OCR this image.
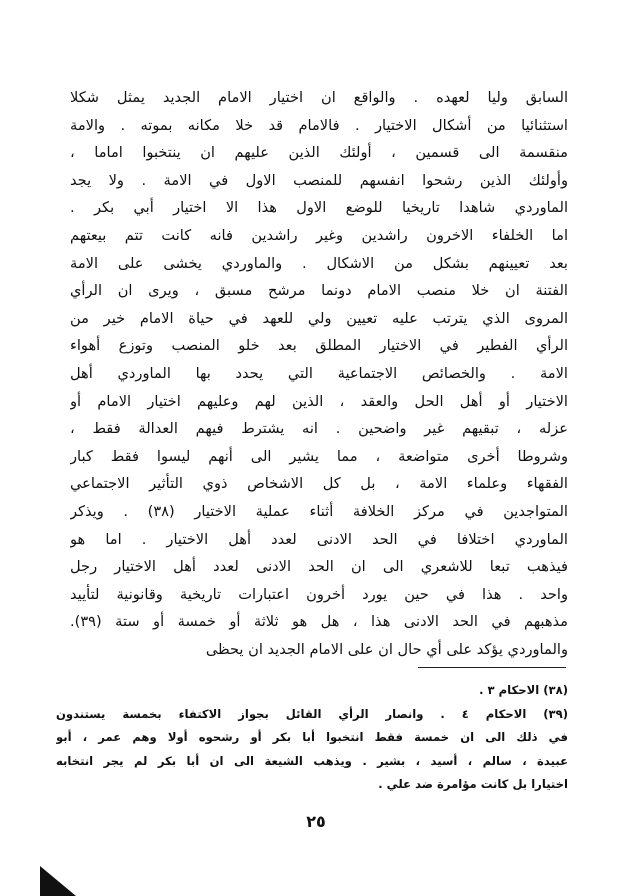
السابق وليا لعهده . والواقع ان اختيار الامام الجديد يمثل شكلا
استثنائيا من أشكال الاختيار . فالامام قد خلا مكانه بموته . والامة
منقسمة الى قسمين ، أولئك الذين عليهم ان ينتخبوا اماما ،
وأولئك الذين رشحوا انفسهم للمنصب الاول في الامة . ولا يجد
الماوردي شاهدا تاريخيا للوضع الاول هذا الا اختيار أبي بكر .
اما الخلفاء الاخرون راشدين وغير راشدين فانه كانت تتم بيعتهم
بعد تعيينهم بشكل من الاشكال . والماوردي يخشى على الامة
الفتنة ان خلا منصب الامام دونما مرشح مسبق ، ويرى ان الرأي
المروى الذي يترتب عليه تعيين ولي للعهد في حياة الامام خير من
الرأي الفطير في الاختيار المطلق بعد خلو المنصب وتوزع أهواء
الامة . والخصائص الاجتماعية التي يحدد بها الماوردي أهل
الاختيار أو أهل الحل والعقد ، الذين لهم وعليهم اختيار الامام أو
عزله ، تبقيهم غير واضحين . انه يشترط فيهم العدالة فقط ،
وشروطا أخرى متواضعة ، مما يشير الى أنهم ليسوا فقط كبار
الفقهاء وعلماء الامة ، بل كل الاشخاص ذوي التأثير الاجتماعي
المتواجدين في مركز الخلافة أثناء عملية الاختيار (٣٨) . ويذكر
الماوردي اختلافا في الحد الادنى لعدد أهل الاختيار . اما هو
فيذهب تبعا للاشعري الى ان الحد الادنى لعدد أهل الاختيار رجل
واحد . هذا في حين يورد أخرون اعتبارات تاريخية وقانونية لتأييد
مذهبهم في الحد الادنى هذا ، هل هو ثلاثة أو خمسة أو ستة (٣٩).
والماوردي يؤكد على أي حال ان على الامام الجديد ان يحظى
(٣٨) الاحكام ٣ .
(٣٩) الاحكام ٤ . وانصار الرأي القائل بجواز الاكتفاء بخمسة يستندون
في ذلك الى ان خمسة فقط انتخبوا أبا بكر أو رشحوه أولا وهم عمر ، أبو
عبيدة ، سالم ، أسيد ، بشير . ويذهب الشيعة الى ان أبا بكر لم يجر انتخابه
اختيارا بل كانت مؤامرة ضد علي .
٢٥
